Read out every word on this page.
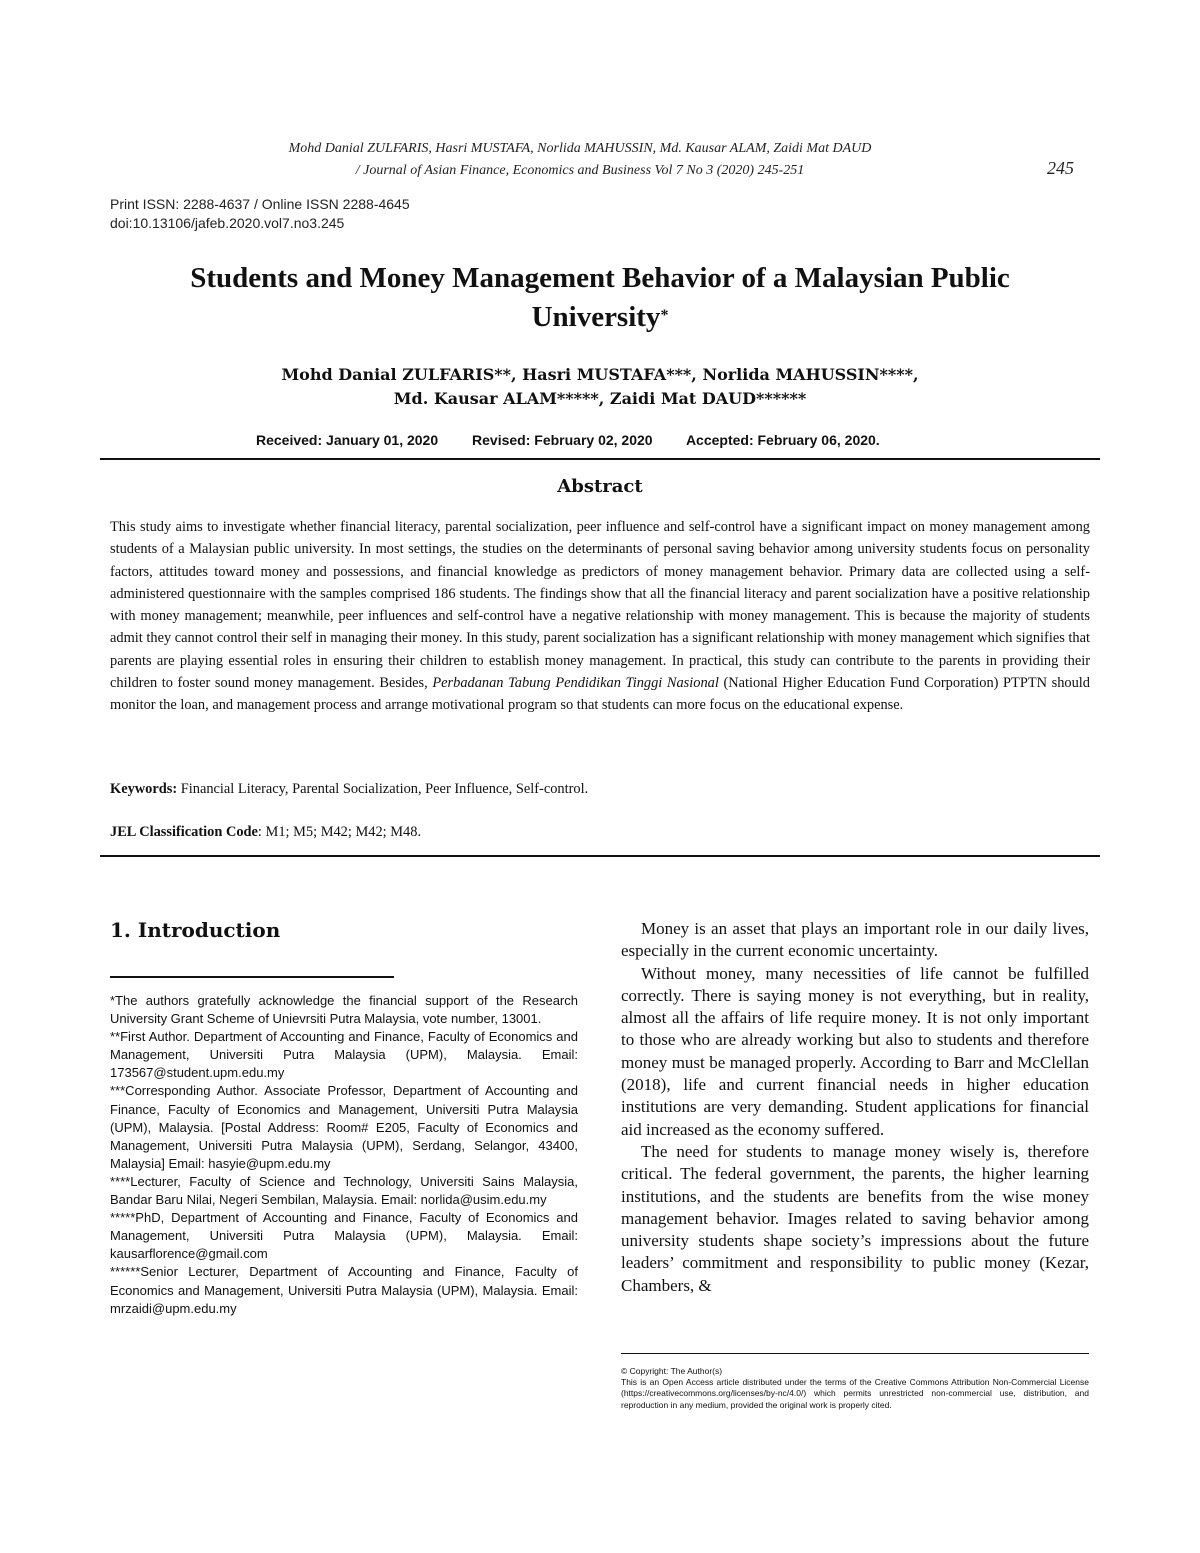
Mohd Danial ZULFARIS, Hasri MUSTAFA, Norlida MAHUSSIN, Md. Kausar ALAM, Zaidi Mat DAUD
/ Journal of Asian Finance, Economics and Business Vol 7 No 3 (2020) 245-251	245
Print ISSN: 2288-4637 / Online ISSN 2288-4645
doi:10.13106/jafeb.2020.vol7.no3.245
Students and Money Management Behavior of a Malaysian Public
University*
Mohd Danial ZULFARIS**, Hasri MUSTAFA***, Norlida MAHUSSIN****,
Md. Kausar ALAM*****, Zaidi Mat DAUD******
Received: January 01, 2020 Revised: February 02, 2020 Accepted: February 06, 2020.
Abstract
This study aims to investigate whether financial literacy, parental socialization, peer influence and self-control have a significant impact on money management among students of a Malaysian public university. In most settings, the studies on the determinants of personal saving behavior among university students focus on personality factors, attitudes toward money and possessions, and financial knowledge as predictors of money management behavior. Primary data are collected using a self-administered questionnaire with the samples comprised 186 students. The findings show that all the financial literacy and parent socialization have a positive relationship with money management; meanwhile, peer influences and self-control have a negative relationship with money management. This is because the majority of students admit they cannot control their self in managing their money. In this study, parent socialization has a significant relationship with money management which signifies that parents are playing essential roles in ensuring their children to establish money management. In practical, this study can contribute to the parents in providing their children to foster sound money management. Besides, Perbadanan Tabung Pendidikan Tinggi Nasional (National Higher Education Fund Corporation) PTPTN should monitor the loan, and management process and arrange motivational program so that students can more focus on the educational expense.
Keywords: Financial Literacy, Parental Socialization, Peer Influence, Self-control.
JEL Classification Code: M1; M5; M42; M42; M48.
1. Introduction

*The authors gratefully acknowledge the financial support of the Research University Grant Scheme of Unievrsiti Putra Malaysia, vote number, 13001.

**First Author. Department of Accounting and Finance, Faculty of Economics and Management, Universiti Putra Malaysia (UPM), Malaysia. Email: 173567@student.upm.edu.my

***Corresponding Author. Associate Professor, Department of Accounting and Finance, Faculty of Economics and Management, Universiti Putra Malaysia (UPM), Malaysia. [Postal Address: Room# E205, Faculty of Economics and Management, Universiti Putra Malaysia (UPM), Serdang, Selangor, 43400, Malaysia] Email: hasyie@upm.edu.my

****Lecturer, Faculty of Science and Technology, Universiti Sains Malaysia, Bandar Baru Nilai, Negeri Sembilan, Malaysia. Email: norlida@usim.edu.my

*****PhD, Department of Accounting and Finance, Faculty of Economics and Management, Universiti Putra Malaysia (UPM), Malaysia. Email: kausarflorence@gmail.com

******Senior Lecturer, Department of Accounting and Finance, Faculty of Economics and Management, Universiti Putra Malaysia (UPM), Malaysia. Email: mrzaidi@upm.edu.my

Money is an asset that plays an important role in our daily lives, especially in the current economic uncertainty.

Without money, many necessities of life cannot be fulfilled correctly. There is saying money is not everything, but in reality, almost all the affairs of life require money. It is not only important to those who are already working but also to students and therefore money must be managed properly. According to Barr and McClellan (2018), life and current financial needs in higher education institutions are very demanding. Student applications for financial aid increased as the economy suffered.

The need for students to manage money wisely is, therefore critical. The federal government, the parents, the higher learning institutions, and the students are benefits from the wise money management behavior. Images related to saving behavior among university students shape society’s impressions about the future leaders’ commitment and responsibility to public money (Kezar, Chambers, &

© Copyright: The Author(s)

This is an Open Access article distributed under the terms of the Creative Commons Attribution Non-Commercial License (https://creativecommons.org/licenses/by-nc/4.0/) which permits unrestricted non-commercial use, distribution, and reproduction in any medium, provided the original work is properly cited.
